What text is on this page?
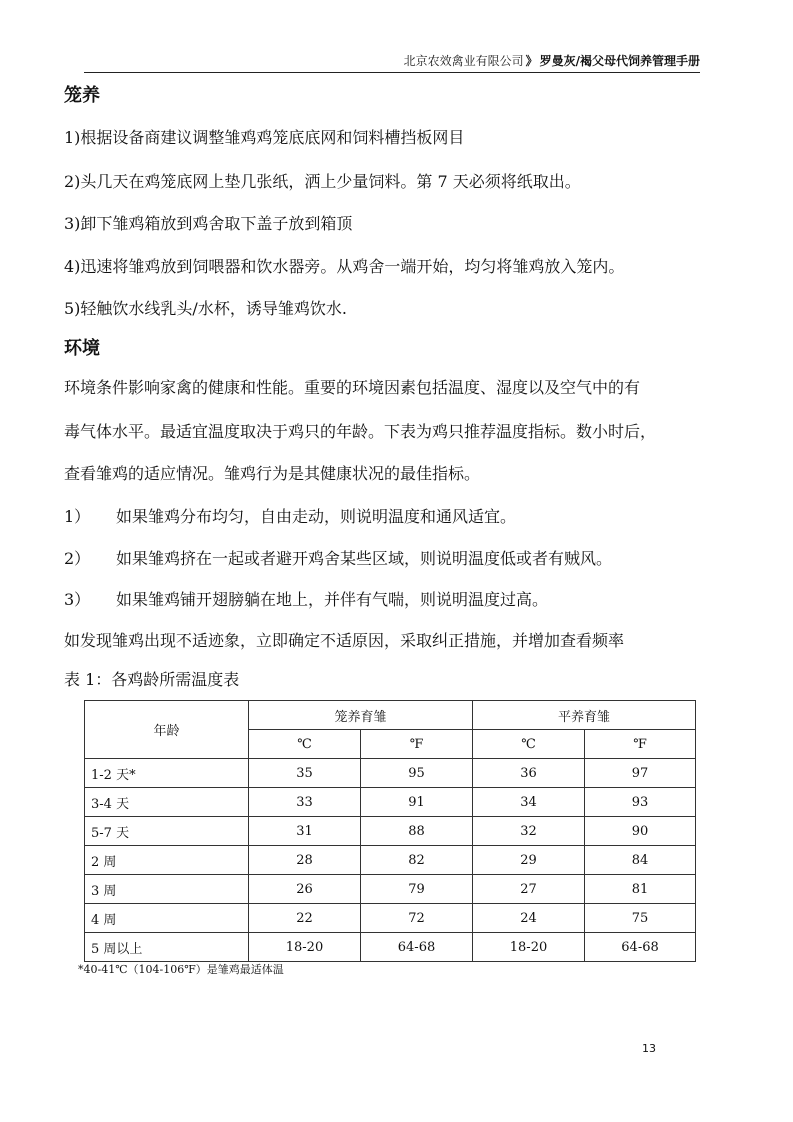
北京农效禽业有限公司 》 罗曼灰/褐父母代饲养管理手册
笼养
1)根据设备商建议调整雏鸡鸡笼底底网和饲料槽挡板网目
2)头几天在鸡笼底网上垫几张纸，洒上少量饲料。第 7 天必须将纸取出。
3)卸下雏鸡箱放到鸡舍取下盖子放到箱顶
4)迅速将雏鸡放到饲喂器和饮水器旁。从鸡舍一端开始，均匀将雏鸡放入笼内。
5)轻触饮水线乳头/水杯，诱导雏鸡饮水.
环境
环境条件影响家禽的健康和性能。重要的环境因素包括温度、湿度以及空气中的有
毒气体水平。最适宜温度取决于鸡只的年龄。下表为鸡只推荐温度指标。数小时后，
查看雏鸡的适应情况。雏鸡行为是其健康状况的最佳指标。
1） 如果雏鸡分布均匀，自由走动，则说明温度和通风适宜。
2） 如果雏鸡挤在一起或者避开鸡舍某些区域，则说明温度低或者有贼风。
3） 如果雏鸡铺开翅膀躺在地上，并伴有气喘，则说明温度过高。
如发现雏鸡出现不适迹象，立即确定不适原因，采取纠正措施，并增加查看频率
表 1：各鸡龄所需温度表
年龄	笼养育雏		平养育雏	
	℃	℉	℃	℉
1-2 天*	35	95	36	97
3-4 天	33	91	34	93
5-7 天	31	88	32	90
2 周	28	82	29	84
3 周	26	79	27	81
4 周	22	72	24	75
5 周以上	18-20	64-68	18-20	64-68
*40-41℃（104-106℉）是雏鸡最适体温
13
